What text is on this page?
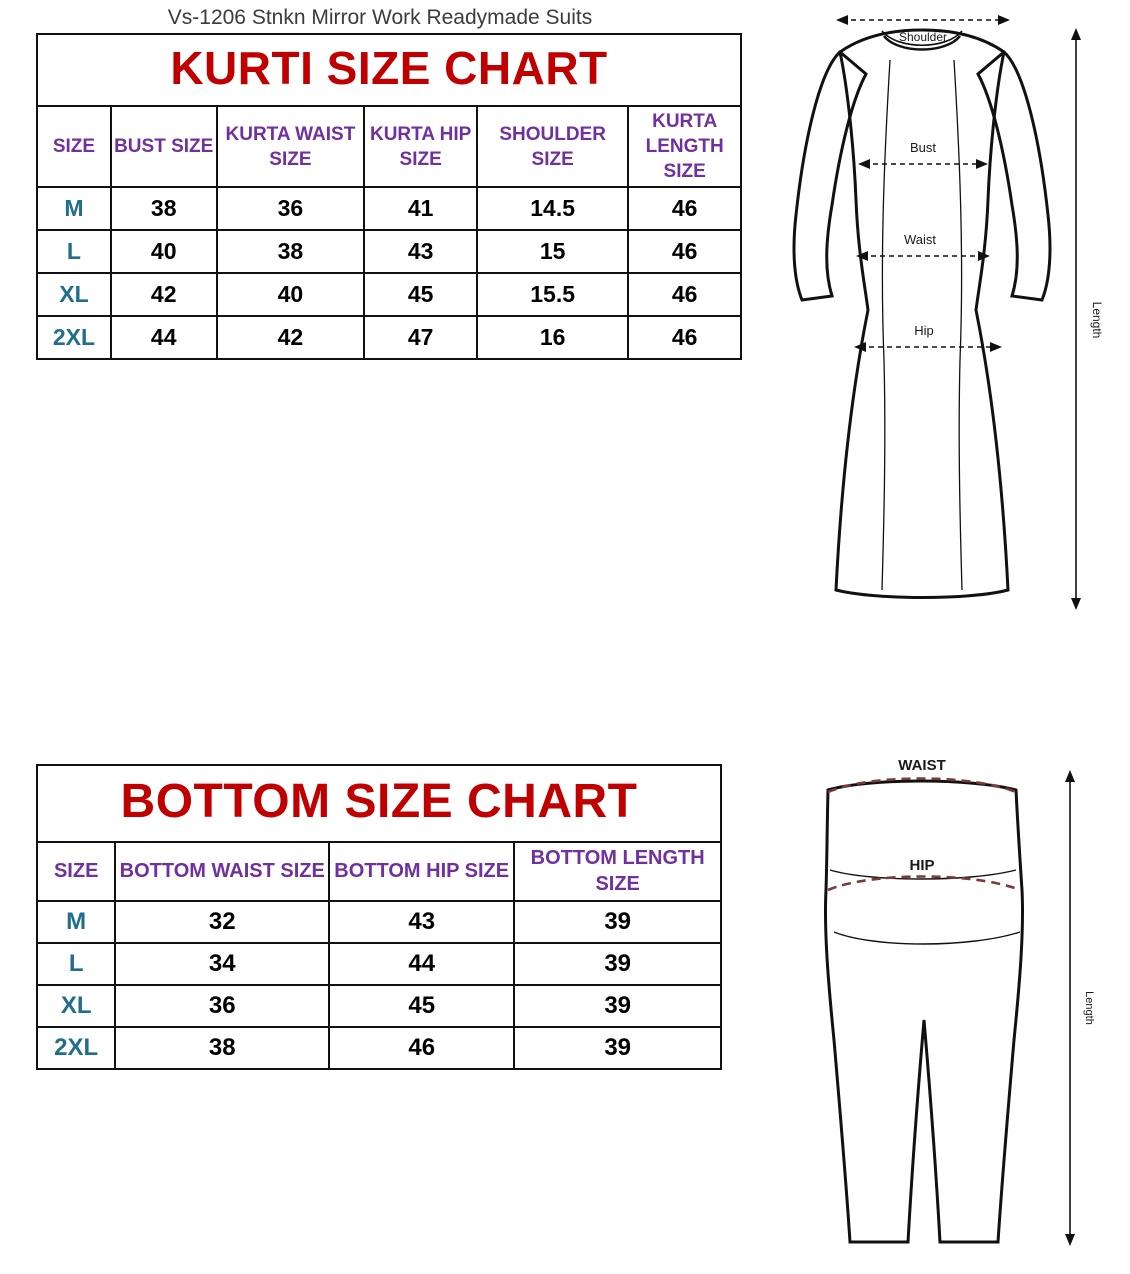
Vs-1206 Stnkn Mirror Work Readymade Suits
KURTI SIZE CHART					
SIZE	BUST SIZE	KURTA WAIST SIZE	KURTA HIP SIZE	SHOULDER SIZE	KURTA LENGTH SIZE
M	38	36	41	14.5	46
L	40	38	43	15	46
XL	42	40	45	15.5	46
2XL	44	42	47	16	46
Shoulder
Bust
Waist
Hip	Length
BOTTOM SIZE CHART			
SIZE	BOTTOM WAIST SIZE	BOTTOM HIP SIZE	BOTTOM LENGTH SIZE
M	32	43	39
L	34	44	39
XL	36	45	39
2XL	38	46	39
WAIST
HIP
Length
